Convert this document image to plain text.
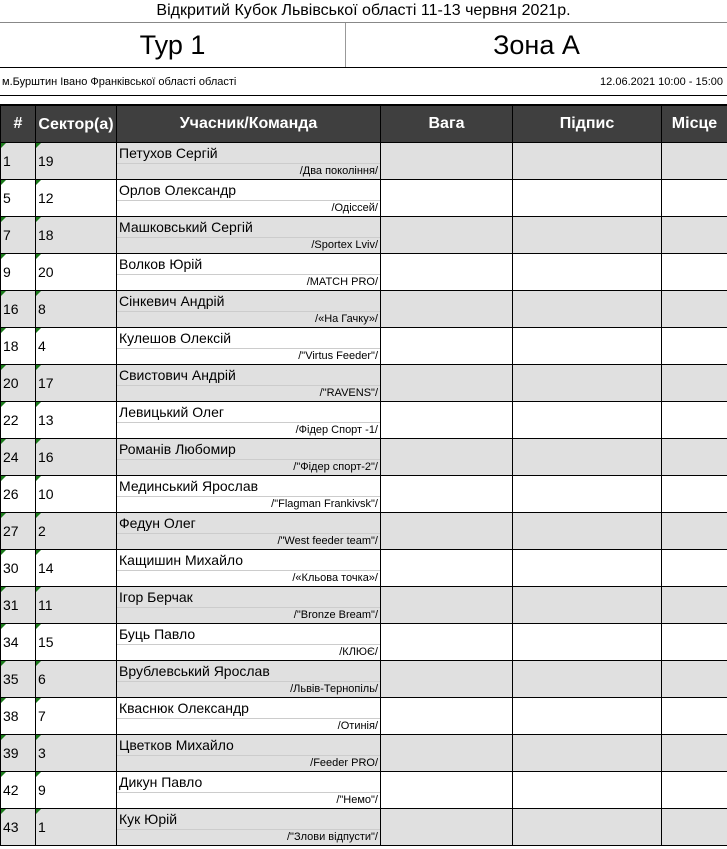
Відкритий Кубок Львівської області 11-13 червня 2021р.
Тур 1	Зона А
м.Бурштин Івано Франківської області області	12.06.2021 10:00 - 15:00
#	Сектор(а)	Учасник/Команда	Вага	Підпис	Місце
1	19	Петухов Сергій
/Два покоління/			

5	12	Орлов Олександр
/Одіссей/			

7	18	Машковський Сергій
/Sportex Lviv/			

9	20	Волков Юрій
/MATCH PRO/			

16	8	Сінкевич Андрій
/«На Гачку»/			

18	4	Кулешов Олексій
/"Virtus Feeder"/			

20	17	Свистович Андрій
/"RAVENS"/			

22	13	Левицький Олег
/Фідер Спорт -1/			

24	16	Романів Любомир
/"Фідер спорт-2"/			

26	10	Мединський Ярослав
/"Flagman Frankivsk"/			

27	2	Федун Олег
/"West feeder team"/			

30	14	Кащишин Михайло
/«Кльова точка»/			

31	11	Ігор Берчак
/"Bronze Bream"/			

34	15	Буць Павло
/КЛЮЄ/			

35	6	Врублевський Ярослав
/Львів-Тернопіль/			

38	7	Кваснюк Олександр
/Отинія/			

39	3	Цветков Михайло
/Feeder PRO/			

42	9	Дикун Павло
/"Немо"/			

43	1	Кук Юрій
/"Злови відпусти"/			
